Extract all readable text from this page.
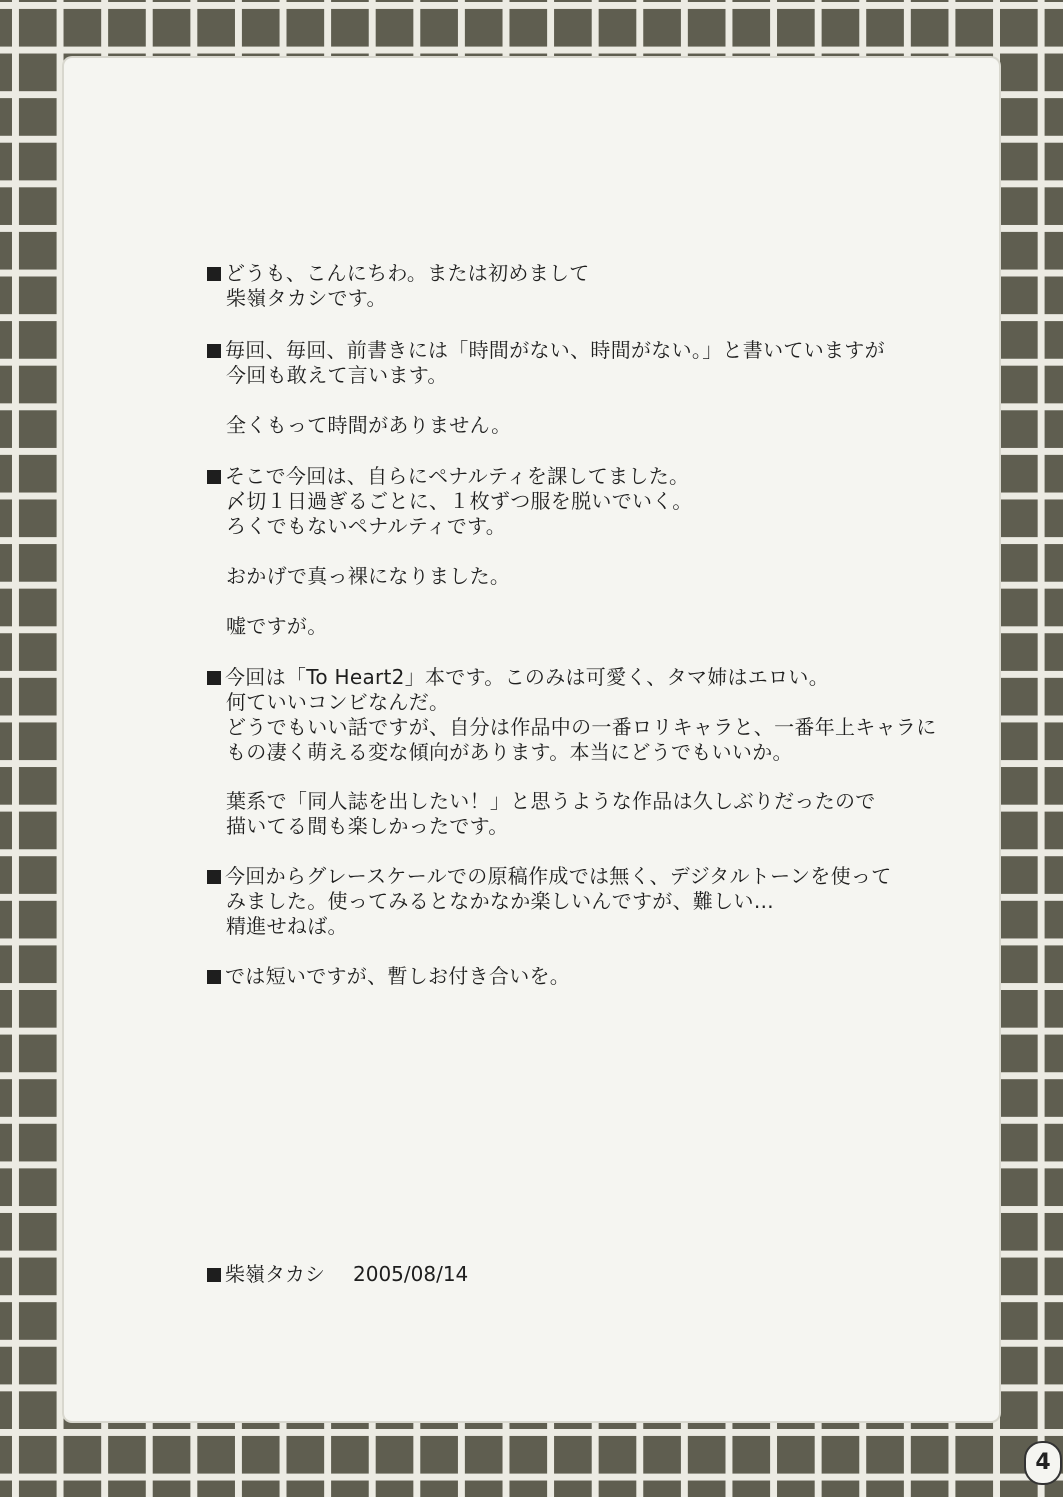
どうも、こんにちわ。または初めまして
柴嶺タカシです。
毎回、毎回、前書きには「時間がない、時間がない。」と書いていますが
今回も敢えて言います。
全くもって時間がありません。
そこで今回は、自らにペナルティを課してました。
〆切１日過ぎるごとに、１枚ずつ服を脱いでいく。
ろくでもないペナルティです。
おかげで真っ裸になりました。
嘘ですが。
今回は「To Heart2」本です。このみは可愛く、タマ姉はエロい。
何ていいコンビなんだ。
どうでもいい話ですが、自分は作品中の一番ロリキャラと、一番年上キャラに
もの凄く萌える変な傾向があります。本当にどうでもいいか。
葉系で「同人誌を出したい！」と思うような作品は久しぶりだったので
描いてる間も楽しかったです。
今回からグレースケールでの原稿作成では無く、デジタルトーンを使って
みました。使ってみるとなかなか楽しいんですが、難しい…
精進せねば。
では短いですが、暫しお付き合いを。
柴嶺タカシ 2005/08/14
4
